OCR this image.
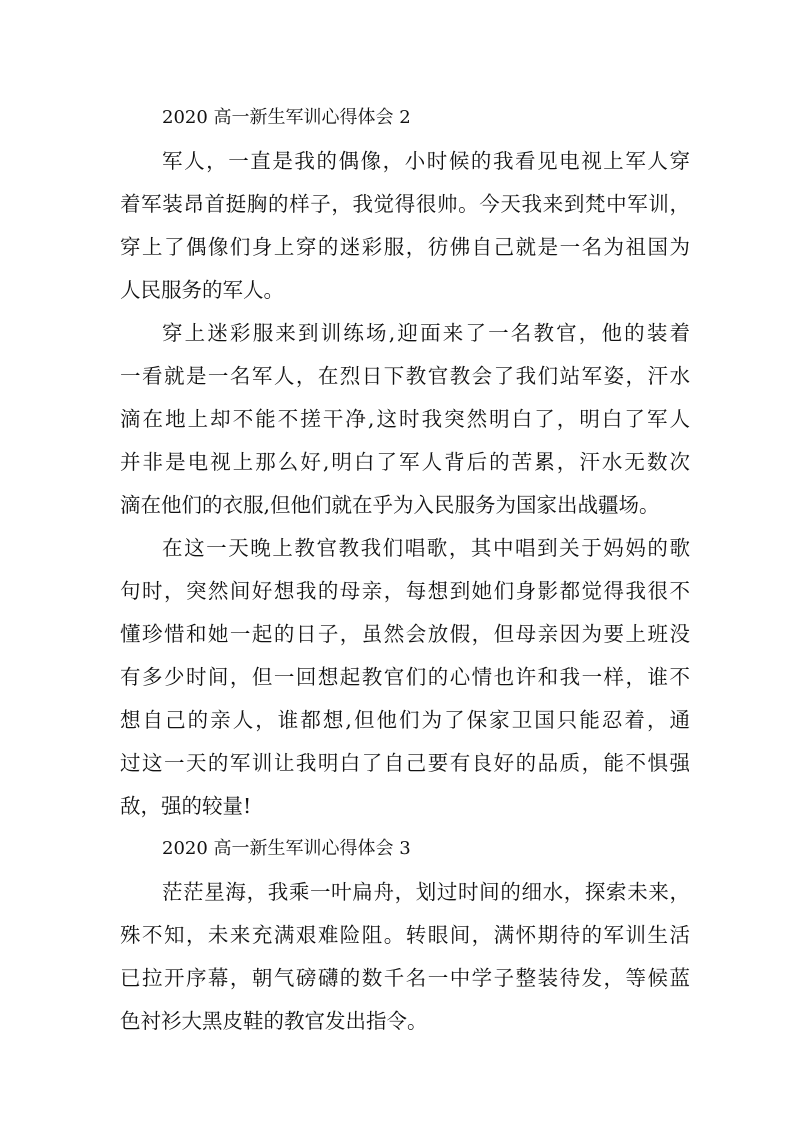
2020 高一新生军训心得体会 2
军人，一直是我的偶像，小时候的我看见电视上军人穿
着军装昂首挺胸的样子，我觉得很帅。今天我来到梵中军训，
穿上了偶像们身上穿的迷彩服，彷佛自己就是一名为祖国为
人民服务的军人。
穿上迷彩服来到训练场,迎面来了一名教官，他的装着
一看就是一名军人，在烈日下教官教会了我们站军姿，汗水
滴在地上却不能不搓干净,这时我突然明白了，明白了军人
并非是电视上那么好,明白了军人背后的苦累，汗水无数次
滴在他们的衣服,但他们就在乎为入民服务为国家出战疆场。
在这一天晚上教官教我们唱歌，其中唱到关于妈妈的歌
句时，突然间好想我的母亲，每想到她们身影都觉得我很不
懂珍惜和她一起的日子，虽然会放假，但母亲因为要上班没
有多少时间，但一回想起教官们的心情也许和我一样，谁不
想自己的亲人，谁都想,但他们为了保家卫国只能忍着，通
过这一天的军训让我明白了自己要有良好的品质，能不惧强
敌，强的较量!
2020 高一新生军训心得体会 3
茫茫星海，我乘一叶扁舟，划过时间的细水，探索未来，
殊不知，未来充满艰难险阻。转眼间，满怀期待的军训生活
已拉开序幕，朝气磅礴的数千名一中学子整装待发，等候蓝
色衬衫大黑皮鞋的教官发出指令。
